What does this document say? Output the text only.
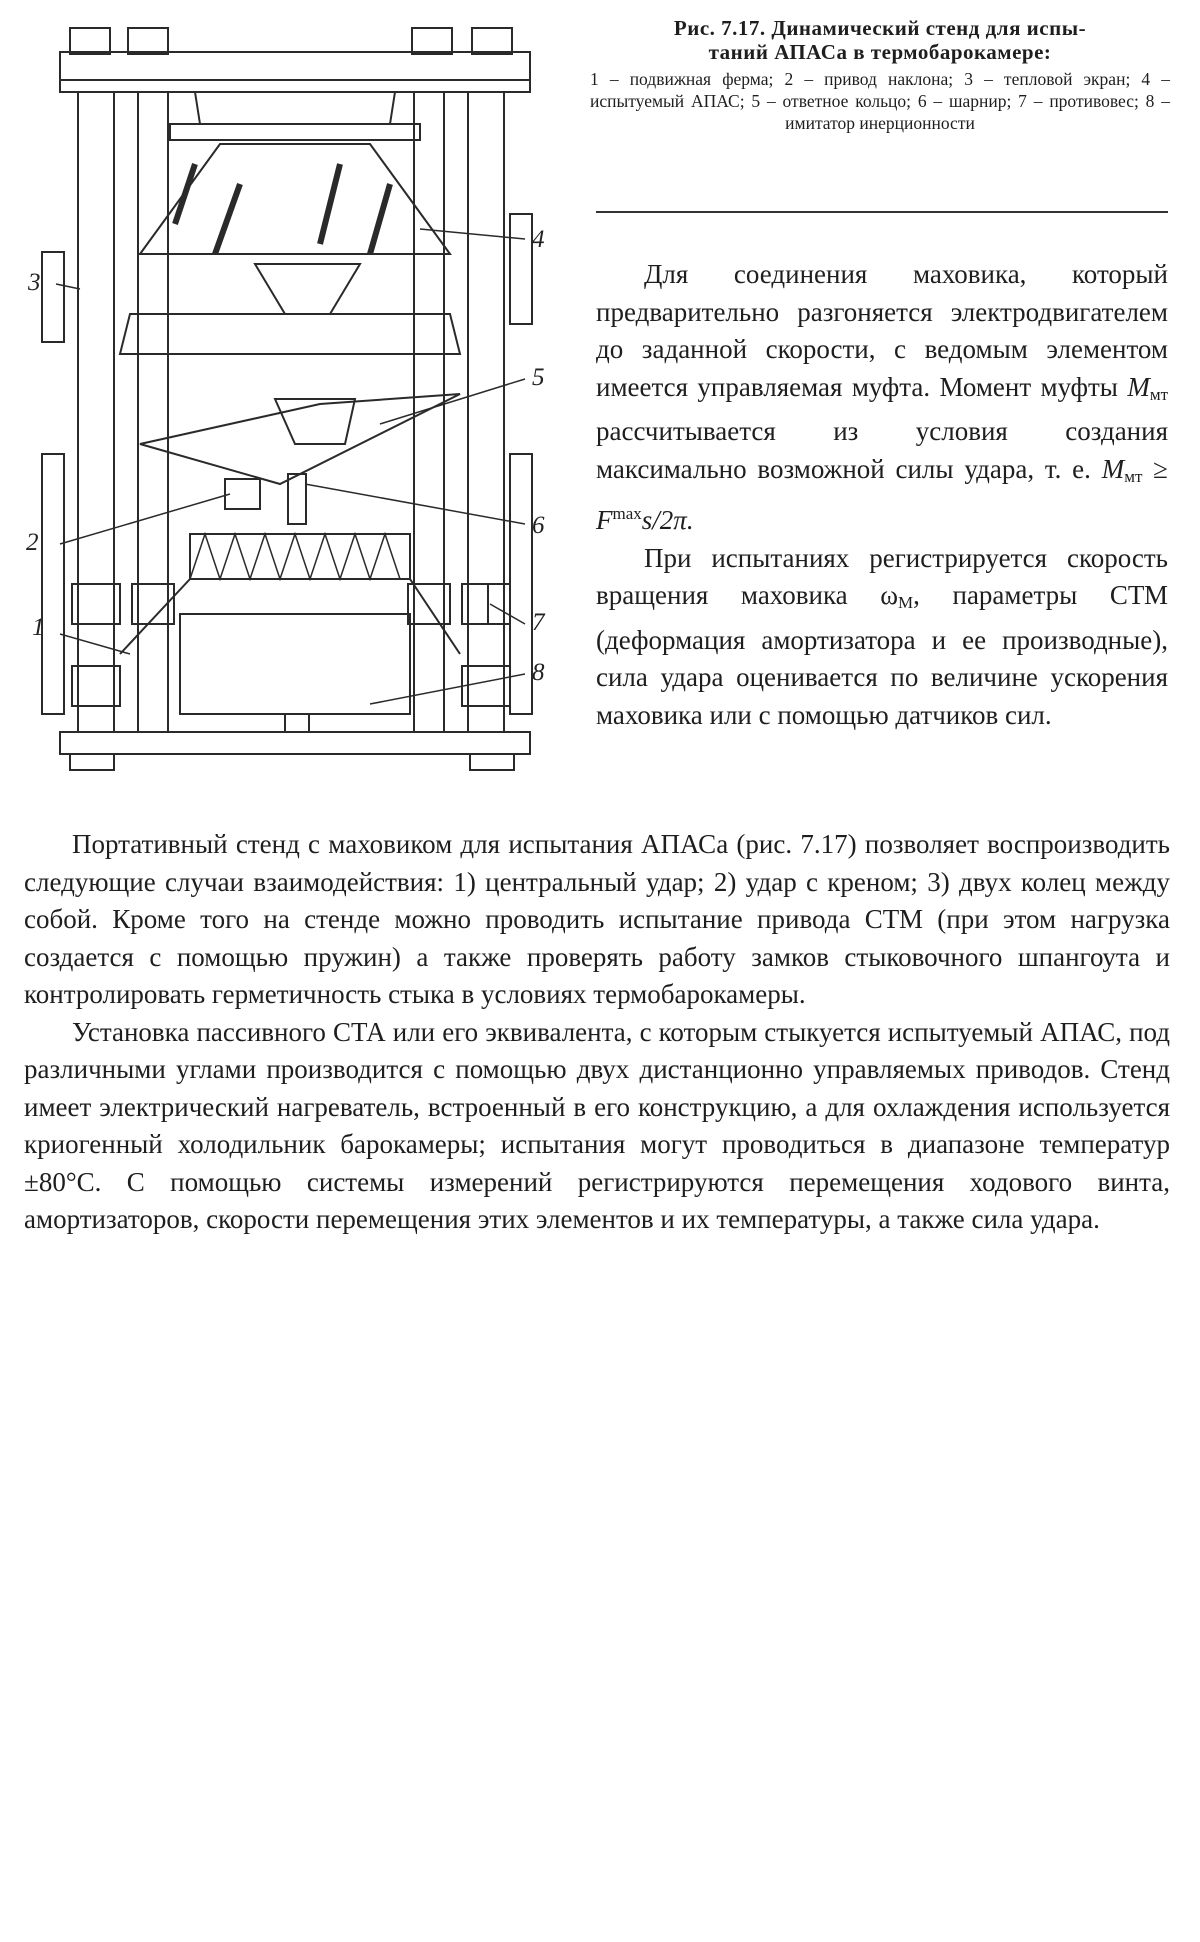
3
4
5
6
2
7
1
8
Рис. 7.17. Динамический стенд для испы-
таний АПАСа в термобарокамере:
1 – подвижная ферма; 2 – привод наклона; 3 – тепловой экран; 4 – испытуемый АПАС; 5 – ответное кольцо; 6 – шарнир; 7 – противовес; 8 – имитатор инерционности

Для соединения маховика, который предварительно разгоняется электродвигателем до заданной скорости, с ведомым элементом имеется управляемая муфта. Момент муфты $M_{мт}$ рассчитывается из условия создания максимально возможной силы удара, т. е. $M_{мт} \ge F^{max}s/2\pi$.

При испытаниях регистрируется скорость вращения маховика $\omega_М$, параметры СТМ (деформация амортизатора и ее производные), сила удара оценивается по величине ускорения маховика или с помощью датчиков сил.

Портативный стенд с маховиком для испытания АПАСа (рис. 7.17) позволяет воспроизводить следующие случаи взаимодействия: 1) центральный удар; 2) удар с креном; 3) двух колец между собой. Кроме того на стенде можно проводить испытание привода СТМ (при этом нагрузка создается с помощью пружин) а также проверять работу замков стыковочного шпангоута и контролировать герметичность стыка в условиях термобарокамеры.

Установка пассивного СТА или его эквивалента, с которым стыкуется испытуемый АПАС, под различными углами производится с помощью двух дистанционно управляемых приводов. Стенд имеет электрический нагреватель, встроенный в его конструкцию, а для охлаждения используется криогенный холодильник барокамеры; испытания могут проводиться в диапазоне температур ±80°С. С помощью системы измерений регистрируются перемещения ходового винта, амортизаторов, скорости перемещения этих элементов и их температуры, а также сила удара.
